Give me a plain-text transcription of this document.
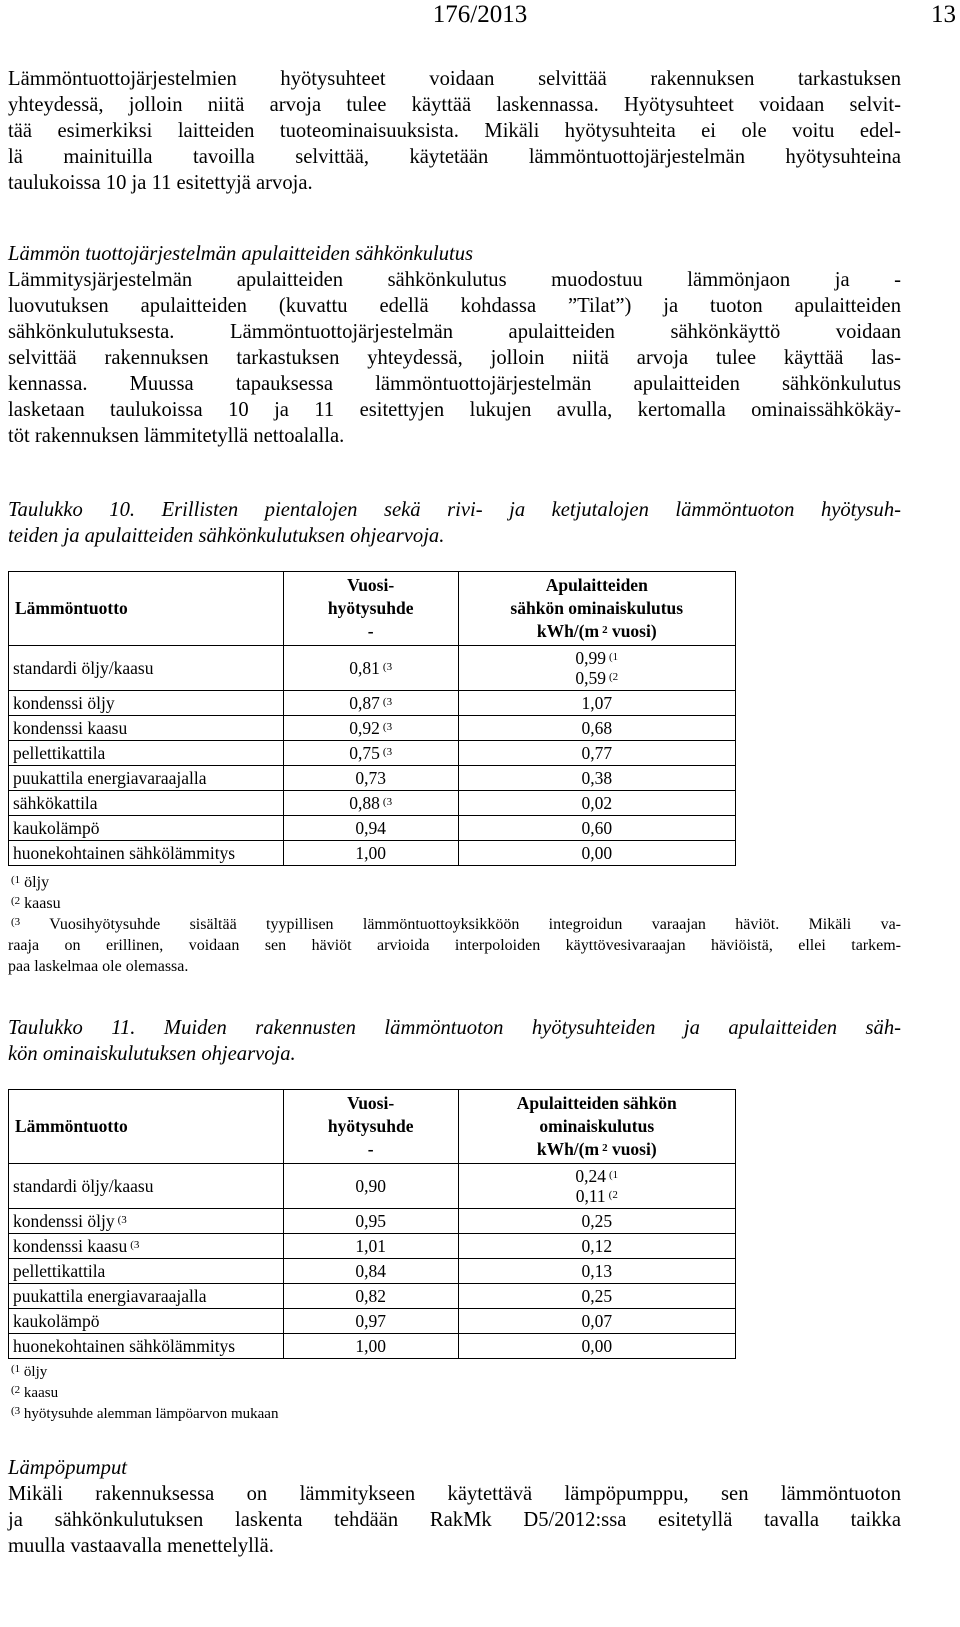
176/2013	13
Lämmöntuottojärjestelmien hyötysuhteet voidaan selvittää rakennuksen tarkastuksen
yhteydessä, jolloin niitä arvoja tulee käyttää laskennassa. Hyötysuhteet voidaan selvit-
tää esimerkiksi laitteiden tuoteominaisuuksista. Mikäli hyötysuhteita ei ole voitu edel-
lä mainituilla tavoilla selvittää, käytetään lämmöntuottojärjestelmän hyötysuhteina
taulukoissa 10 ja 11 esitettyjä arvoja.
Lämmön tuottojärjestelmän apulaitteiden sähkönkulutus
Lämmitysjärjestelmän apulaitteiden sähkönkulutus muodostuu lämmönjaon ja -
luovutuksen apulaitteiden (kuvattu edellä kohdassa ”Tilat”) ja tuoton apulaitteiden
sähkönkulutuksesta. Lämmöntuottojärjestelmän apulaitteiden sähkönkäyttö voidaan
selvittää rakennuksen tarkastuksen yhteydessä, jolloin niitä arvoja tulee käyttää las-
kennassa. Muussa tapauksessa lämmöntuottojärjestelmän apulaitteiden sähkönkulutus
lasketaan taulukoissa 10 ja 11 esitettyjen lukujen avulla, kertomalla ominaissähkökäy-
töt rakennuksen lämmitetyllä nettoalalla.
Taulukko 10. Erillisten pientalojen sekä rivi- ja ketjutalojen lämmöntuoton hyötysuh-
teiden ja apulaitteiden sähkönkulutuksen ohjearvoja.
Lämmöntuotto	Vuosi-
hyötysuhde
-	Apulaitteiden
sähkön ominaiskulutus
kWh/(m $^2$ vuosi)
standardi öljy/kaasu	0,81 $^{(3}$	0,99 $^{(1}$
0,59 $^{(2}$
kondenssi öljy	0,87 $^{(3}$	1,07
kondenssi kaasu	0,92 $^{(3}$	0,68
pellettikattila	0,75 $^{(3}$	0,77
puukattila energiavaraajalla	0,73	0,38
sähkökattila	0,88 $^{(3}$	0,02
kaukolämpö	0,94	0,60
huonekohtainen sähkölämmitys	1,00	0,00
$^{(1}$ öljy
$^{(2}$ kaasu
$^{(3}$ Vuosihyötysuhde sisältää tyypillisen lämmöntuottoyksikköön integroidun varaajan häviöt. Mikäli va-
raaja on erillinen, voidaan sen häviöt arvioida interpoloiden käyttövesivaraajan häviöistä, ellei tarkem-
paa laskelmaa ole olemassa.
Taulukko 11. Muiden rakennusten lämmöntuoton hyötysuhteiden ja apulaitteiden säh-
kön ominaiskulutuksen ohjearvoja.
Lämmöntuotto	Vuosi-
hyötysuhde
-	Apulaitteiden sähkön
ominaiskulutus
kWh/(m $^2$ vuosi)
standardi öljy/kaasu	0,90	0,24 $^{(1}$
0,11 $^{(2}$
kondenssi öljy $^{(3}$	0,95	0,25
kondenssi kaasu $^{(3}$	1,01	0,12
pellettikattila	0,84	0,13
puukattila energiavaraajalla	0,82	0,25
kaukolämpö	0,97	0,07
huonekohtainen sähkölämmitys	1,00	0,00
$^{(1}$ öljy
$^{(2}$ kaasu
$^{(3}$ hyötysuhde alemman lämpöarvon mukaan
Lämpöpumput
Mikäli rakennuksessa on lämmitykseen käytettävä lämpöpumppu, sen lämmöntuoton
ja sähkönkulutuksen laskenta tehdään RakMk D5/2012:ssa esitetyllä tavalla taikka
muulla vastaavalla menettelyllä.
